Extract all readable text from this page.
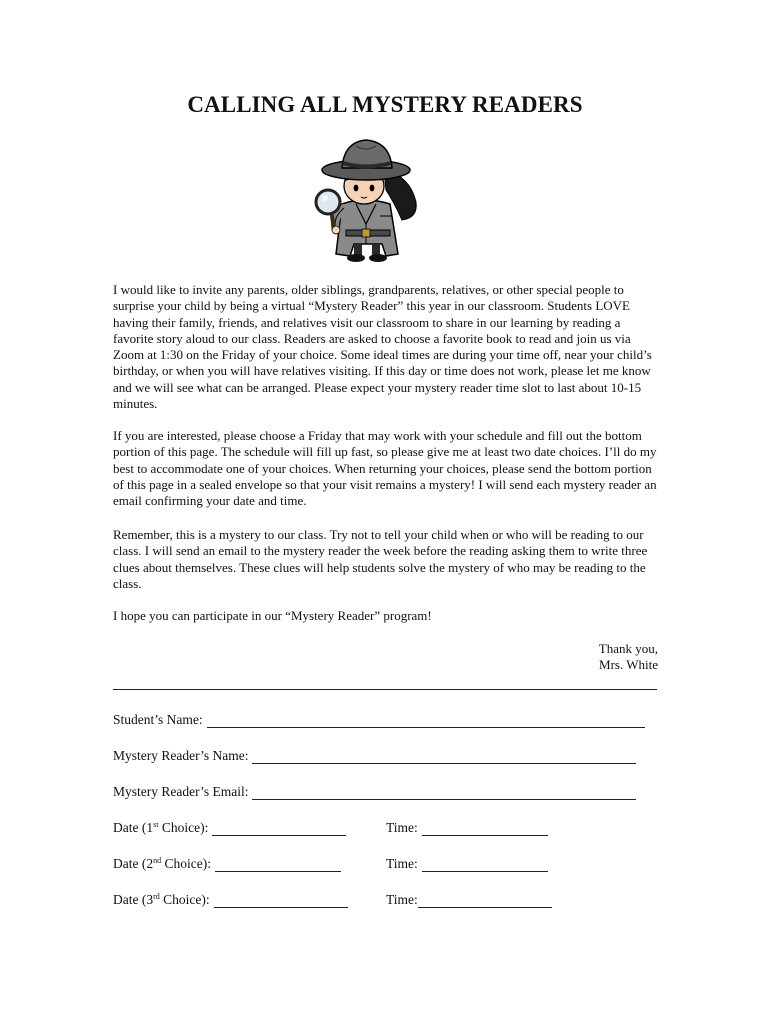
CALLING ALL MYSTERY READERS
I would like to invite any parents, older siblings, grandparents, relatives, or other special people to surprise your child by being a virtual “Mystery Reader” this year in our classroom. Students LOVE having their family, friends, and relatives visit our classroom to share in our learning by reading a favorite story aloud to our class. Readers are asked to choose a favorite book to read and join us via Zoom at 1:30 on the Friday of your choice. Some ideal times are during your time off, near your child’s birthday, or when you will have relatives visiting. If this day or time does not work, please let me know and we will see what can be arranged. Please expect your mystery reader time slot to last about 10-15 minutes.
If you are interested, please choose a Friday that may work with your schedule and fill out the bottom portion of this page. The schedule will fill up fast, so please give me at least two date choices. I’ll do my best to accommodate one of your choices. When returning your choices, please send the bottom portion of this page in a sealed envelope so that your visit remains a mystery! I will send each mystery reader an email confirming your date and time.
Remember, this is a mystery to our class. Try not to tell your child when or who will be reading to our class. I will send an email to the mystery reader the week before the reading asking them to write three clues about themselves. These clues will help students solve the mystery of who may be reading to the class.
I hope you can participate in our “Mystery Reader” program!
Thank you,
Mrs. White
Student’s Name:
Mystery Reader’s Name:
Mystery Reader’s Email:
Date (1st Choice):	Time:
Date (2nd Choice):	Time:
Date (3rd Choice):	Time:
